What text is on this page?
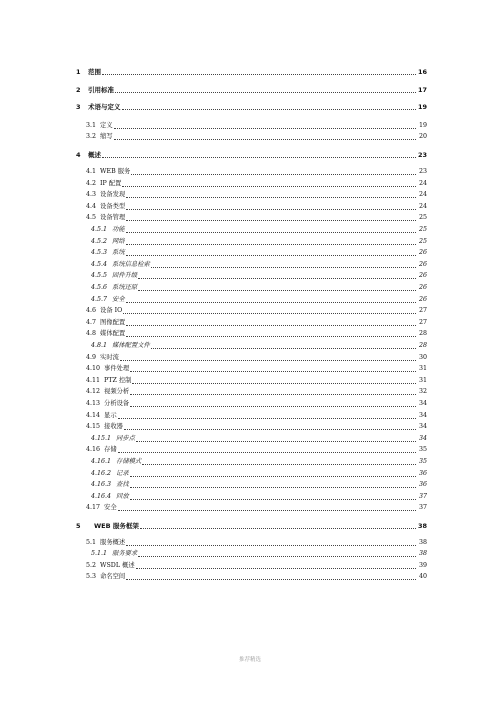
1	范围	16
2	引用标准	17
3	术语与定义	19
3.1 定义	19
3.2 缩写	20
4	概述	23
4.1 WEB 服务	23
4.2 IP 配置	24
4.3 设备发现	24
4.4 设备类型	24
4.5 设备管理	25
4.5.1 功能	25
4.5.2 网络	25
4.5.3 系统	26
4.5.4 系统信息检索	26
4.5.5 固件升级	26
4.5.6 系统还原	26
4.5.7 安全	26
4.6 设备 IO	27
4.7 图像配置	27
4.8 媒体配置	28
4.8.1 媒体配置文件	28
4.9 实时流	30
4.10 事件处理	31
4.11 PTZ 控制	31
4.12 视频分析	32
4.13 分析设备	34
4.14 显示	34
4.15 接收器	34
4.15.1 同步点	34
4.16 存储	35
4.16.1 存储模式	35
4.16.2 记录	36
4.16.3 查找	36
4.16.4 回放	37
4.17 安全	37
5	WEB 服务框架	38
5.1 服务概述	38
5.1.1 服务要求	38
5.2 WSDL 概述	39
5.3 命名空间	40
推荐精选
